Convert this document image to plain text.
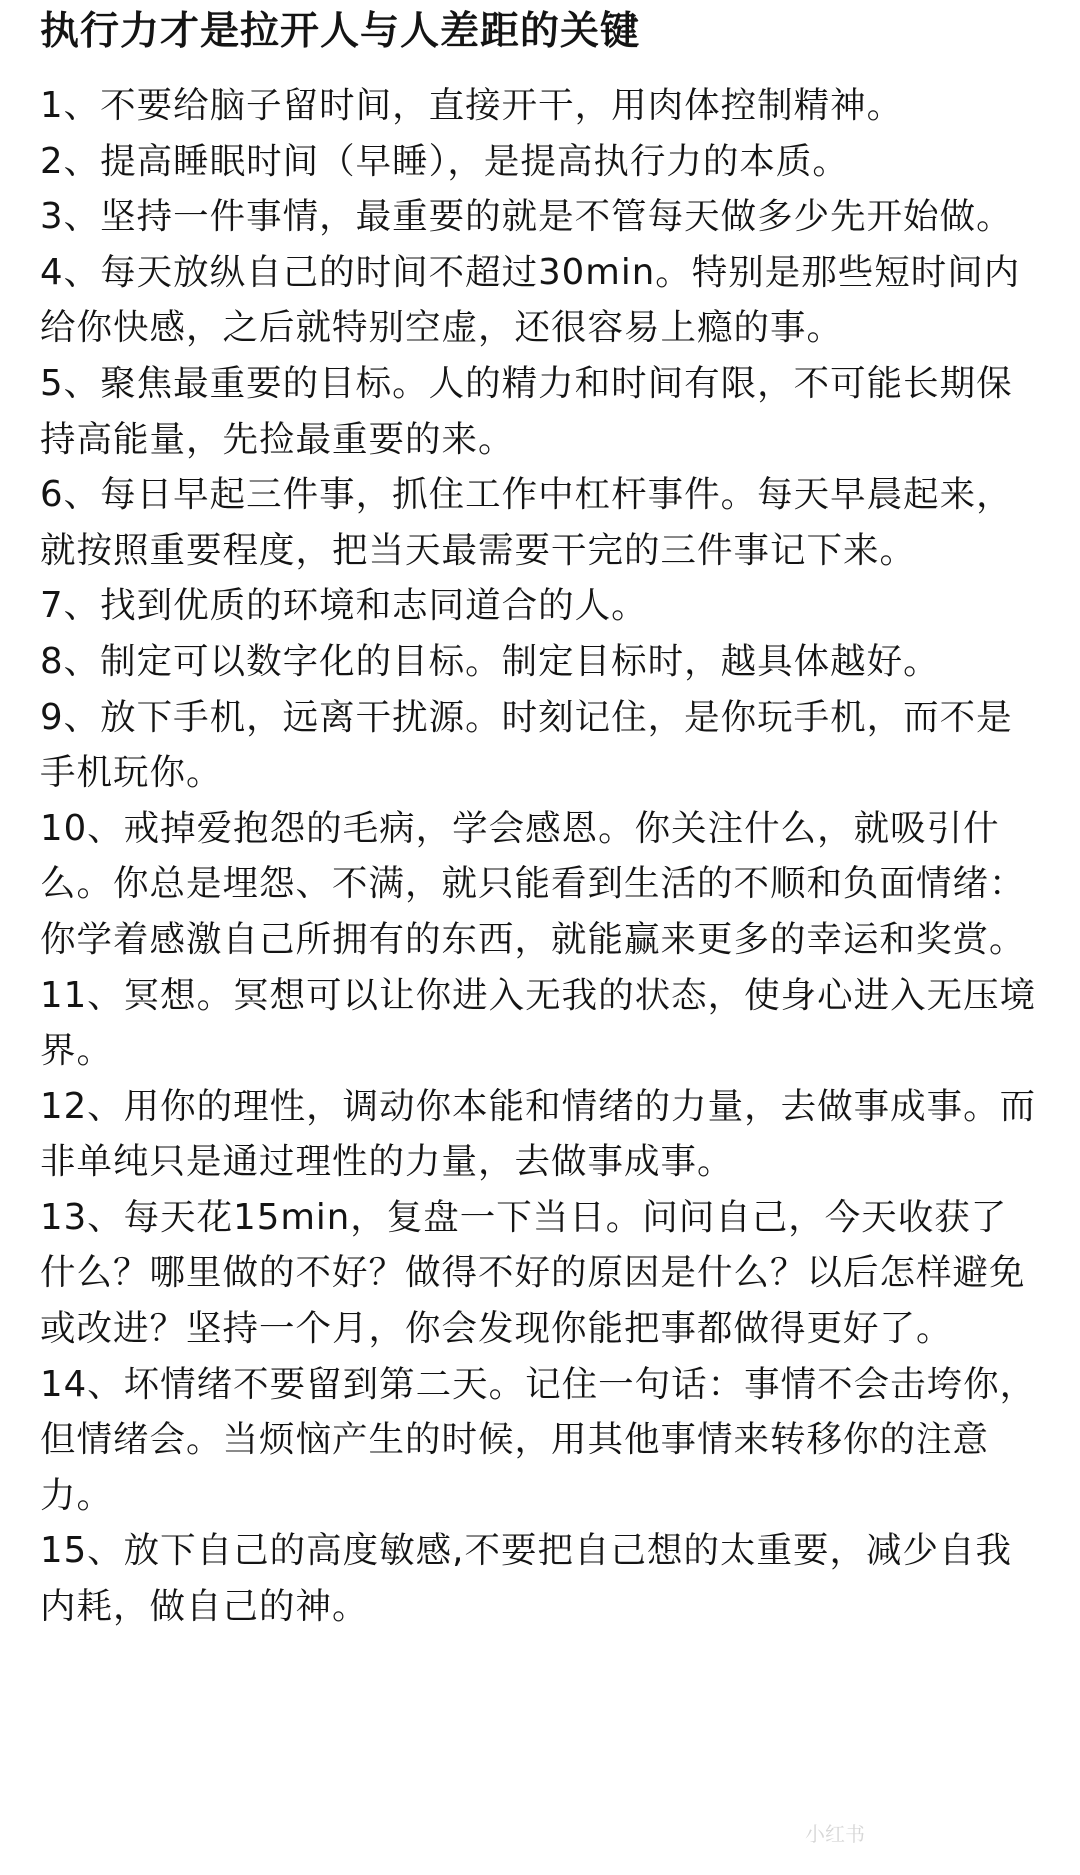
执行力才是拉开人与人差距的关键
1、不要给脑子留时间，直接开干，用肉体控制精神。
2、提高睡眠时间（早睡），是提高执行力的本质。
3、坚持一件事情，最重要的就是不管每天做多少先开始做。
4、每天放纵自己的时间不超过30min。特别是那些短时间内给你快感，之后就特别空虚，还很容易上瘾的事。
5、聚焦最重要的目标。人的精力和时间有限，不可能长期保持高能量，先捡最重要的来。
6、每日早起三件事，抓住工作中杠杆事件。每天早晨起来，就按照重要程度，把当天最需要干完的三件事记下来。
7、找到优质的环境和志同道合的人。
8、制定可以数字化的目标。制定目标时，越具体越好。
9、放下手机，远离干扰源。时刻记住，是你玩手机，而不是手机玩你。
10、戒掉爱抱怨的毛病，学会感恩。你关注什么，就吸引什么。你总是埋怨、不满，就只能看到生活的不顺和负面情绪：你学着感激自己所拥有的东西，就能赢来更多的幸运和奖赏。
11、冥想。冥想可以让你进入无我的状态，使身心进入无压境界。
12、用你的理性，调动你本能和情绪的力量，去做事成事。而非单纯只是通过理性的力量，去做事成事。
13、每天花15min，复盘一下当日。问问自己，今天收获了什么？哪里做的不好？做得不好的原因是什么？以后怎样避免或改进？坚持一个月，你会发现你能把事都做得更好了。
14、坏情绪不要留到第二天。记住一句话：事情不会击垮你，但情绪会。当烦恼产生的时候，用其他事情来转移你的注意力。
15、放下自己的高度敏感,不要把自己想的太重要，减少自我内耗，做自己的神。
小红书
